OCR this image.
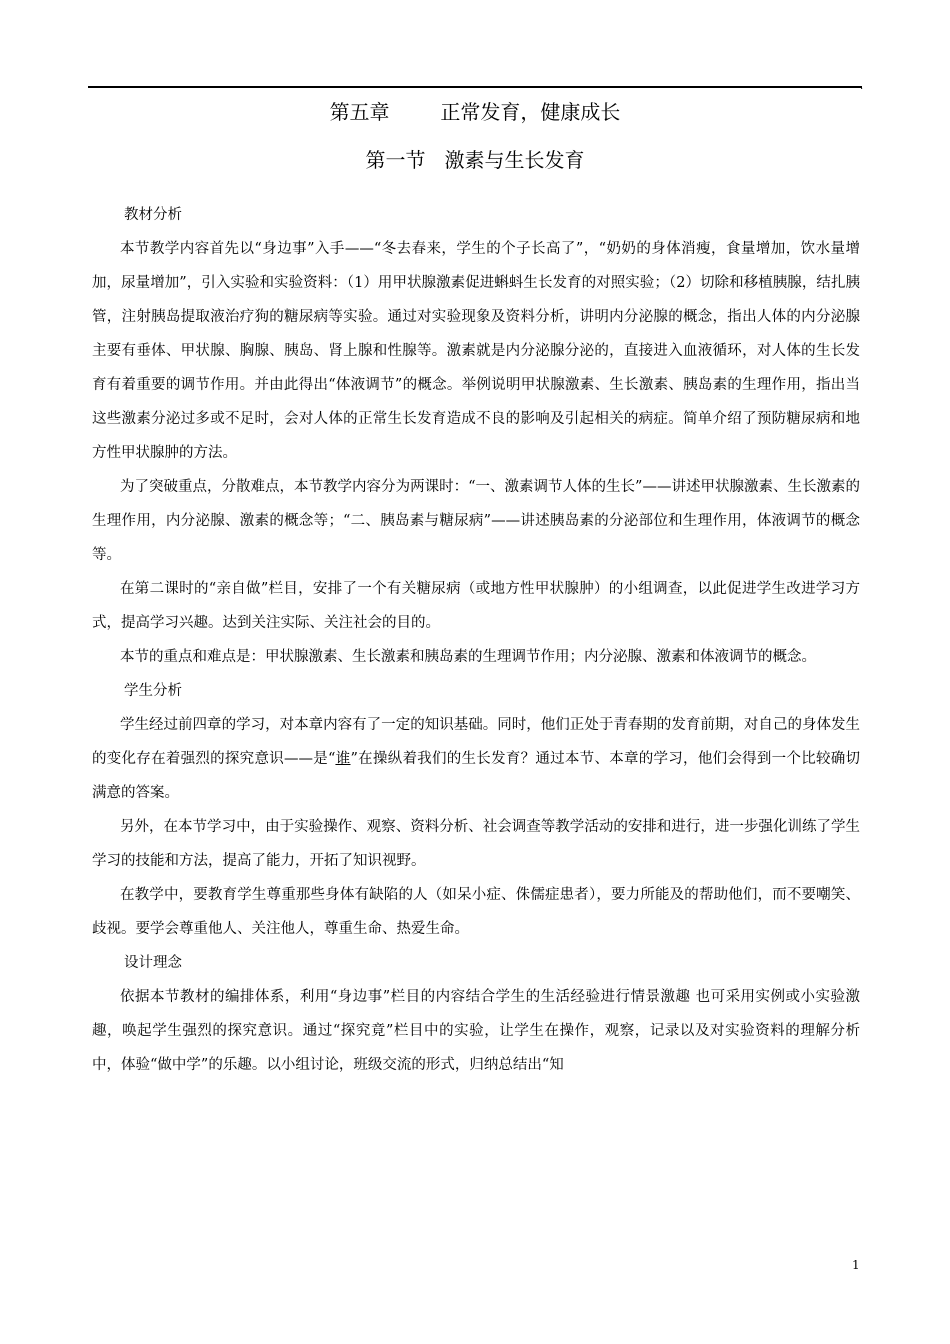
.
第五章        正常发育，健康成长
第一节   激素与生长发育

教材分析

本节教学内容首先以“身边事”入手——“冬去春来，学生的个子长高了”，“奶奶的身体消瘦，食量增加，饮水量增加，尿量增加”，引入实验和实验资料：（1）用甲状腺激素促进蝌蚪生长发育的对照实验；（2）切除和移植胰腺，结扎胰管，注射胰岛提取液治疗狗的糖尿病等实验。通过对实验现象及资料分析，讲明内分泌腺的概念，指出人体的内分泌腺主要有垂体、甲状腺、胸腺、胰岛、肾上腺和性腺等。激素就是内分泌腺分泌的，直接进入血液循环，对人体的生长发育有着重要的调节作用。并由此得出“体液调节”的概念。举例说明甲状腺激素、生长激素、胰岛素的生理作用，指出当这些激素分泌过多或不足时，会对人体的正常生长发育造成不良的影响及引起相关的病症。简单介绍了预防糖尿病和地方性甲状腺肿的方法。

为了突破重点，分散难点，本节教学内容分为两课时：“一、激素调节人体的生长”——讲述甲状腺激素、生长激素的生理作用，内分泌腺、激素的概念等；“二、胰岛素与糖尿病”——讲述胰岛素的分泌部位和生理作用，体液调节的概念等。

在第二课时的“亲自做”栏目，安排了一个有关糖尿病（或地方性甲状腺肿）的小组调查，以此促进学生改进学习方式，提高学习兴趣。达到关注实际、关注社会的目的。

本节的重点和难点是：甲状腺激素、生长激素和胰岛素的生理调节作用；内分泌腺、激素和体液调节的概念。

学生分析

学生经过前四章的学习，对本章内容有了一定的知识基础。同时，他们正处于青春期的发育前期，对自己的身体发生的变化存在着强烈的探究意识——是“谁”在操纵着我们的生长发育？通过本节、本章的学习，他们会得到一个比较确切满意的答案。

另外，在本节学习中，由于实验操作、观察、资料分析、社会调查等教学活动的安排和进行，进一步强化训练了学生学习的技能和方法，提高了能力，开拓了知识视野。

在教学中，要教育学生尊重那些身体有缺陷的人（如呆小症、侏儒症患者），要力所能及的帮助他们，而不要嘲笑、歧视。要学会尊重他人、关注他人，尊重生命、热爱生命。

设计理念

依据本节教材的编排体系，利用“身边事”栏目的内容结合学生的生活经验进行情景激趣 也可采用实例或小实验激趣，唤起学生强烈的探究意识。通过“探究竟”栏目中的实验，让学生在操作，观察，记录以及对实验资料的理解分析中，体验“做中学”的乐趣。以小组讨论，班级交流的形式，归纳总结出“知

1
